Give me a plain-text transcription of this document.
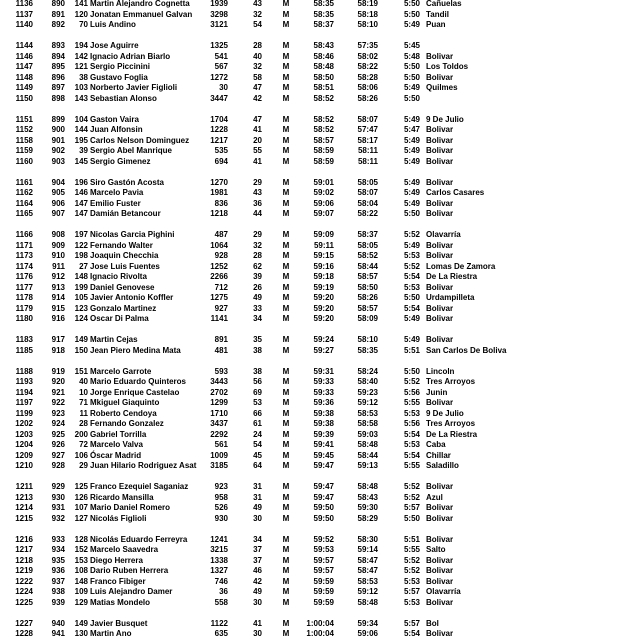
1136	890	141 Martin Alejandro Cognetta	1939	43	M	58:35	58:19	5:50 Cañuelas
1137	891	120 Jonatan Emmanuel Galvan	3298	32	M	58:35	58:18	5:50 Tandil
1140	892	70 Luis Andino	3121	54	M	58:37	58:10	5:49 Puan
1144	893	194 Jose Aguirre	1325	28	M	58:43	57:35	5:45
1146	894	142 Ignacio Adrian Biarlo	541	40	M	58:46	58:02	5:48 Bolivar
1147	895	121 Sergio Piccinini	567	32	M	58:48	58:22	5:50 Los Toldos
1148	896	38 Gustavo Foglia	1272	58	M	58:50	58:28	5:50 Bolivar
1149	897	103 Norberto Javier Figlioli	30	47	M	58:51	58:06	5:49 Quilmes
1150	898	143 Sebastian Alonso	3447	42	M	58:52	58:26	5:50
1151	899	104 Gaston Vaira	1704	47	M	58:52	58:07	5:49 9 De Julio
1152	900	144 Juan Alfonsin	1228	41	M	58:52	57:47	5:47 Bolivar
1158	901	195 Carlos Nelson Dominguez	1217	20	M	58:57	58:17	5:49 Bolivar
1159	902	39 Sergio Abel Manrique	535	55	M	58:59	58:11	5:49 Bolivar
1160	903	145 Sergio Gimenez	694	41	M	58:59	58:11	5:49 Bolivar
1161	904	196 Siro Gastón Acosta	1270	29	M	59:01	58:05	5:49 Bolivar
1162	905	146 Marcelo Pavia	1981	43	M	59:02	58:07	5:49 Carlos Casares
1164	906	147 Emilio Fuster	836	36	M	59:06	58:04	5:49 Bolivar
1165	907	147 Damián Betancour	1218	44	M	59:07	58:22	5:50 Bolivar
1166	908	197 Nicolas Garcia Pighini	487	29	M	59:09	58:37	5:52 Olavarría
1171	909	122 Fernando Walter	1064	32	M	59:11	58:05	5:49 Bolivar
1173	910	198 Joaquin Checchia	928	28	M	59:15	58:52	5:53 Bolivar
1174	911	27 Jose Luis Fuentes	1252	62	M	59:16	58:44	5:52 Lomas De Zamora
1176	912	148 Ignacio Rivolta	2266	39	M	59:18	58:57	5:54 De La Riestra
1177	913	199 Daniel Genovese	712	26	M	59:19	58:50	5:53 Bolivar
1178	914	105 Javier Antonio Koffler	1275	49	M	59:20	58:26	5:50 Urdampilleta
1179	915	123 Gonzalo Martinez	927	33	M	59:20	58:57	5:54 Bolivar
1180	916	124 Oscar Di Palma	1141	34	M	59:20	58:09	5:49 Bolivar
1183	917	149 Martin Cejas	891	35	M	59:24	58:10	5:49 Bolivar
1185	918	150 Jean Piero Medina Mata	481	38	M	59:27	58:35	5:51 San Carlos De Boliva
1188	919	151 Marcelo Garrote	593	38	M	59:31	58:24	5:50 Lincoln
1193	920	40 Mario Eduardo Quinteros	3443	56	M	59:33	58:40	5:52 Tres Arroyos
1194	921	10 Jorge Enrique Castelao	2702	69	M	59:33	59:23	5:56 Junin
1197	922	71 Mkiguel Giaquinto	1299	53	M	59:36	59:12	5:55 Bolivar
1199	923	11 Roberto Cendoya	1710	66	M	59:38	58:53	5:53 9 De Julio
1202	924	28 Fernando Gonzalez	3437	61	M	59:38	58:58	5:56 Tres Arroyos
1203	925	200 Gabriel Torrilla	2292	24	M	59:39	59:03	5:54 De La Riestra
1204	926	72 Marcelo Valva	561	54	M	59:41	58:48	5:53 Caba
1209	927	106 Óscar Madrid	1009	45	M	59:45	58:44	5:54 Chillar
1210	928	29 Juan Hilario Rodriguez Asat	3185	64	M	59:47	59:13	5:55 Saladillo
1211	929	125 Franco Ezequiel Saganiaz	923	31	M	59:47	58:48	5:52 Bolivar
1213	930	126 Ricardo Mansilla	958	31	M	59:47	58:43	5:52 Azul
1214	931	107 Mario Daniel Romero	526	49	M	59:50	59:30	5:57 Bolivar
1215	932	127 Nicolás Figlioli	930	30	M	59:50	58:29	5:50 Bolivar
1216	933	128 Nicolás Eduardo Ferreyra	1241	34	M	59:52	58:30	5:51 Bolivar
1217	934	152 Marcelo Saavedra	3215	37	M	59:53	59:14	5:55 Salto
1218	935	153 Diego Herrera	1338	37	M	59:57	58:47	5:52 Bolivar
1219	936	108 Dario Ruben Herrera	1327	46	M	59:57	58:47	5:52 Bolivar
1222	937	148 Franco Fibiger	746	42	M	59:59	58:53	5:53 Bolivar
1224	938	109 Luis Alejandro Damer	36	49	M	59:59	59:12	5:57 Olavarría
1225	939	129 Matias Mondelo	558	30	M	59:59	58:48	5:53 Bolivar
1227	940	149 Javier Busquet	1122	41	M	1:00:04	59:34	5:57 Bol
1228	941	130 Martin Ano	635	30	M	1:00:04	59:06	5:54 Bolivar
